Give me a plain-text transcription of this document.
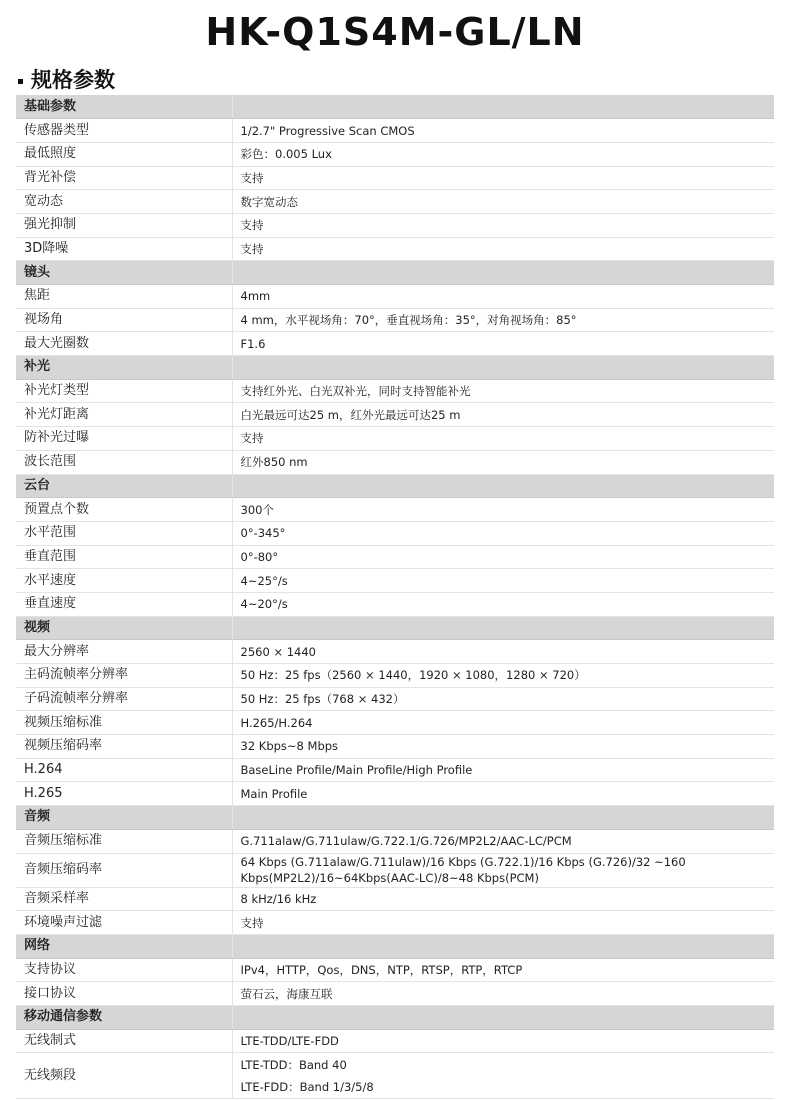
HK-Q1S4M-GL/LN
规格参数
基础参数	
传感器类型	1/2.7" Progressive Scan CMOS
最低照度	彩色：0.005 Lux
背光补偿	支持
宽动态	数字宽动态
强光抑制	支持
3D降噪	支持
镜头	
焦距	4mm
视场角	4 mm，水平视场角：70°，垂直视场角：35°，对角视场角：85°
最大光圈数	F1.6
补光	
补光灯类型	支持红外光、白光双补光，同时支持智能补光
补光灯距离	白光最远可达25 m，红外光最远可达25 m
防补光过曝	支持
波长范围	红外850 nm
云台	
预置点个数	300个
水平范围	0°-345°
垂直范围	0°-80°
水平速度	4~25°/s
垂直速度	4~20°/s
视频	
最大分辨率	2560 × 1440
主码流帧率分辨率	50 Hz：25 fps（2560 × 1440，1920 × 1080，1280 × 720）
子码流帧率分辨率	50 Hz：25 fps（768 × 432）
视频压缩标准	H.265/H.264
视频压缩码率	32 Kbps~8 Mbps
H.264	BaseLine Profile/Main Profile/High Profile
H.265	Main Profile
音频	
音频压缩标准	G.711alaw/G.711ulaw/G.722.1/G.726/MP2L2/AAC-LC/PCM
音频压缩码率	64 Kbps (G.711alaw/G.711ulaw)/16 Kbps (G.722.1)/16 Kbps (G.726)/32 ~160 Kbps(MP2L2)/16~64Kbps(AAC-LC)/8~48 Kbps(PCM)
音频采样率	8 kHz/16 kHz
环境噪声过滤	支持
网络	
支持协议	IPv4，HTTP，Qos，DNS，NTP，RTSP，RTP，RTCP
接口协议	萤石云，海康互联
移动通信参数	
无线制式	LTE-TDD/LTE-FDD
无线频段	LTE-TDD：Band 40
LTE-FDD：Band 1/3/5/8
